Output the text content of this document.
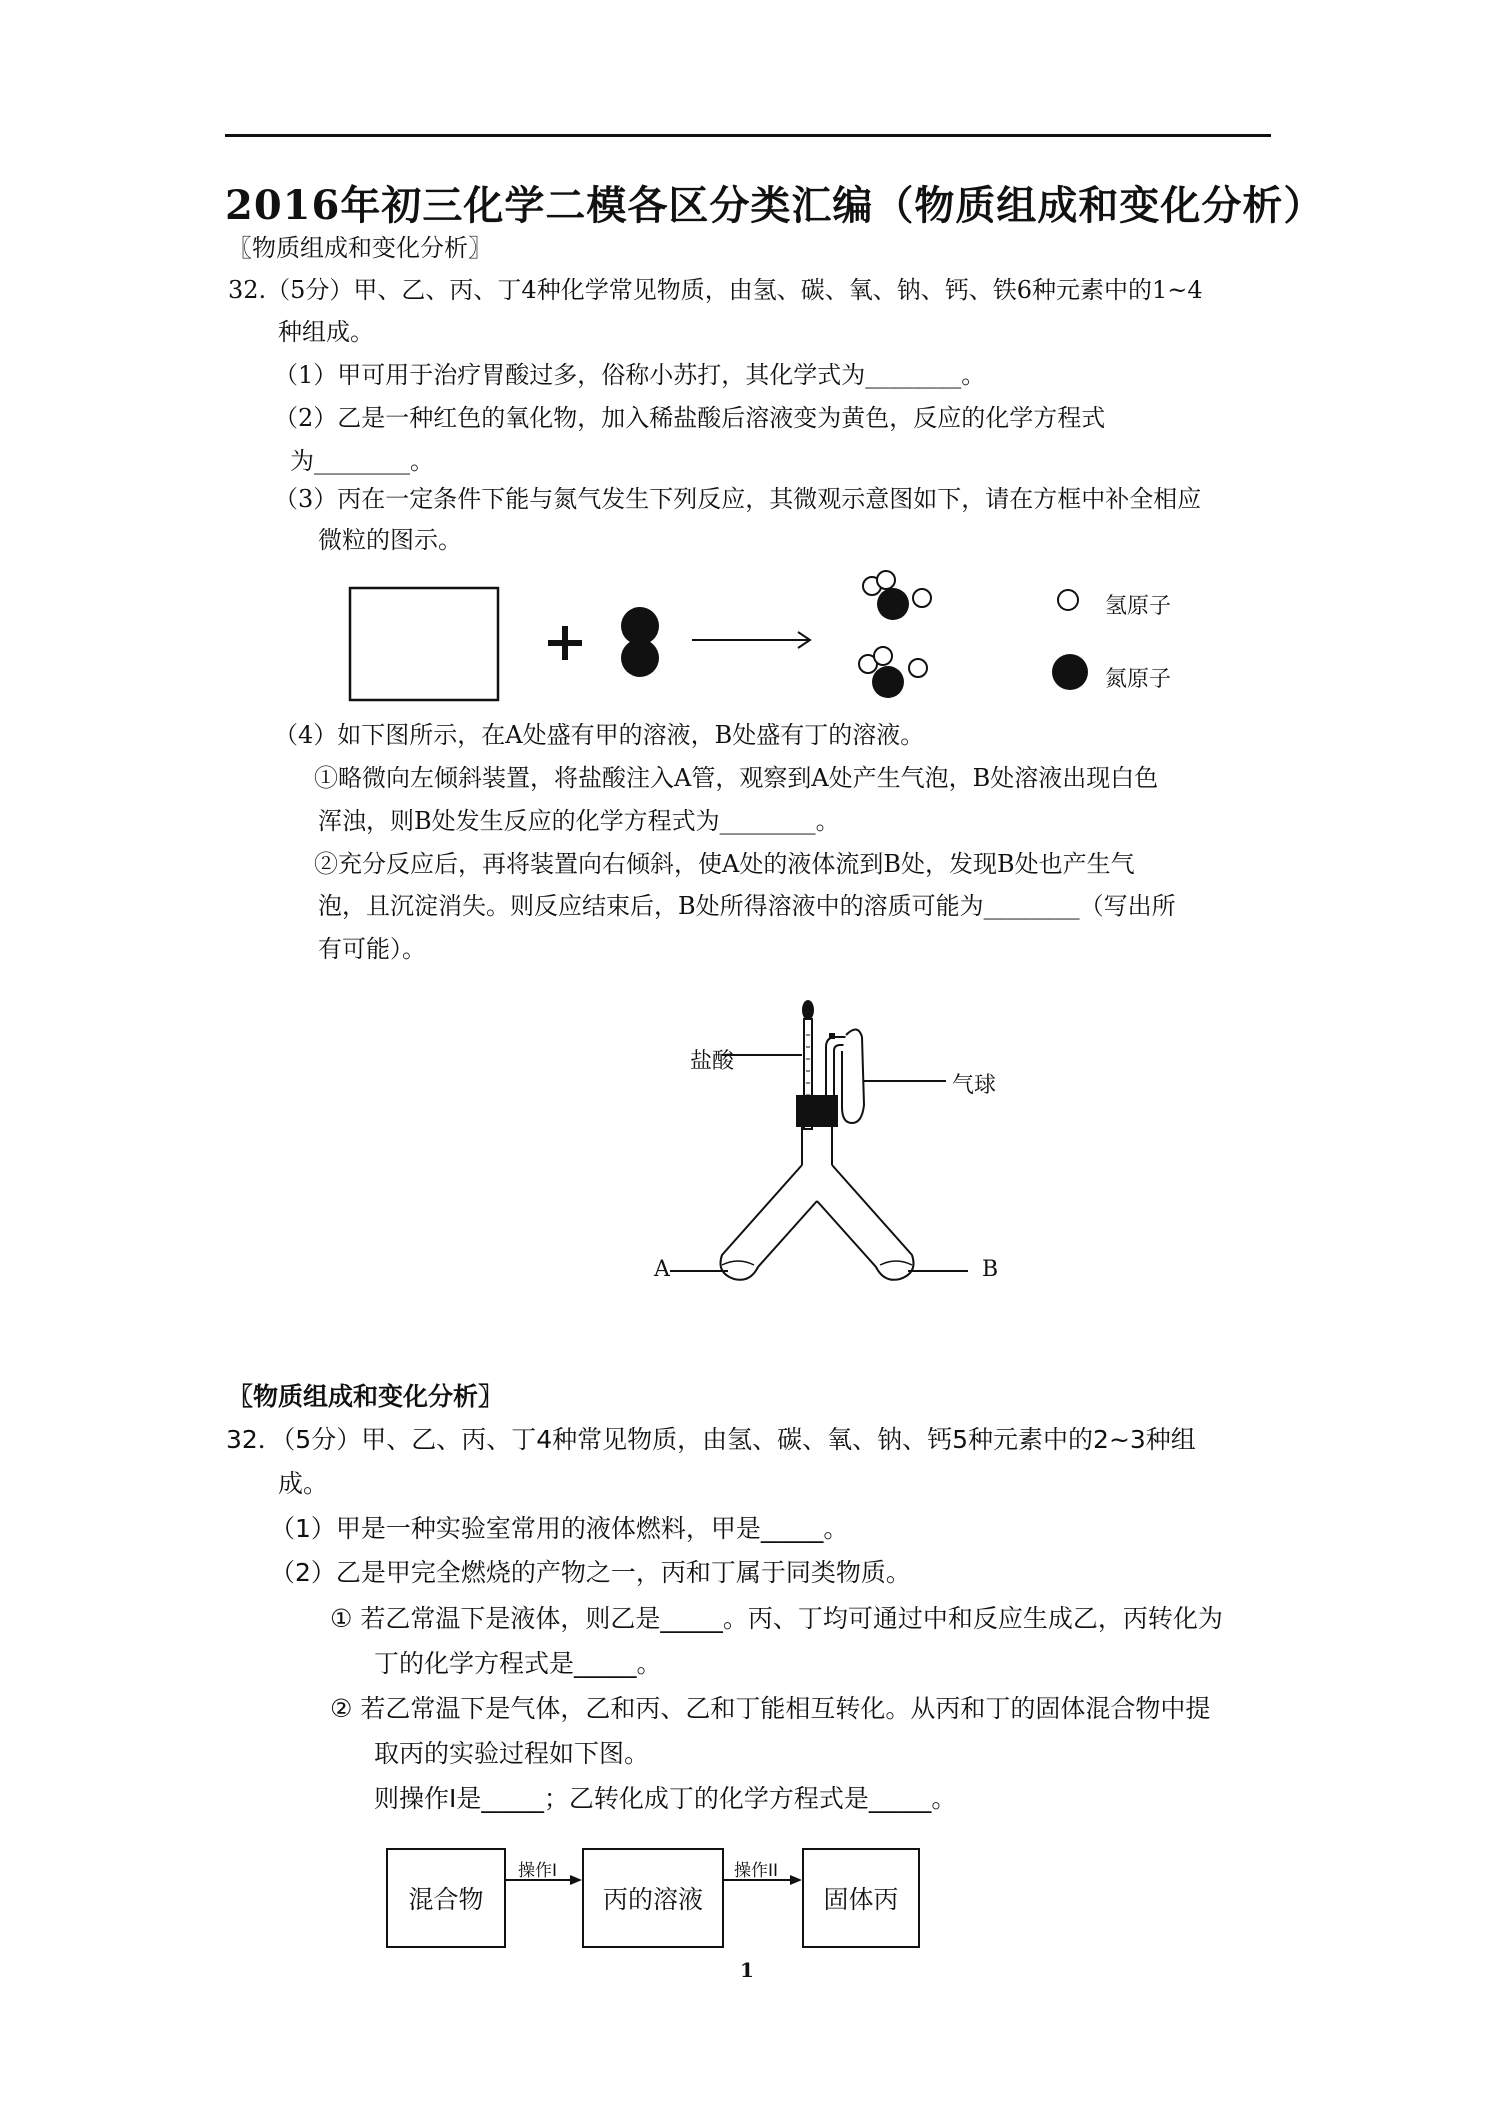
2016年初三化学二模各区分类汇编（物质组成和变化分析）
〖物质组成和变化分析〗
32.（5分）甲、乙、丙、丁4种化学常见物质，由氢、碳、氧、钠、钙、铁6种元素中的1~4
种组成。
（1）甲可用于治疗胃酸过多，俗称小苏打，其化学式为________。
（2）乙是一种红色的氧化物，加入稀盐酸后溶液变为黄色，反应的化学方程式
为________。
（3）丙在一定条件下能与氮气发生下列反应，其微观示意图如下，请在方框中补全相应
微粒的图示。
氢原子
氮原子
（4）如下图所示，在A处盛有甲的溶液，B处盛有丁的溶液。
①略微向左倾斜装置，将盐酸注入A管，观察到A处产生气泡，B处溶液出现白色
浑浊，则B处发生反应的化学方程式为________。
②充分反应后，再将装置向右倾斜，使A处的液体流到B处，发现B处也产生气
泡，且沉淀消失。则反应结束后，B处所得溶液中的溶质可能为________（写出所
有可能）。
盐酸
气球
A	B
〖物质组成和变化分析〗
32．（5分）甲、乙、丙、丁4种常见物质，由氢、碳、氧、钠、钙5种元素中的2~3种组
成。
（1）甲是一种实验室常用的液体燃料，甲是_____。
（2）乙是甲完全燃烧的产物之一，丙和丁属于同类物质。
① 若乙常温下是液体，则乙是_____。丙、丁均可通过中和反应生成乙，丙转化为
丁的化学方程式是_____。
② 若乙常温下是气体，乙和丙、乙和丁能相互转化。从丙和丁的固体混合物中提
取丙的实验过程如下图。
则操作I是_____；乙转化成丁的化学方程式是_____。
混合物	丙的溶液	固体丙
操作I	操作II
1
